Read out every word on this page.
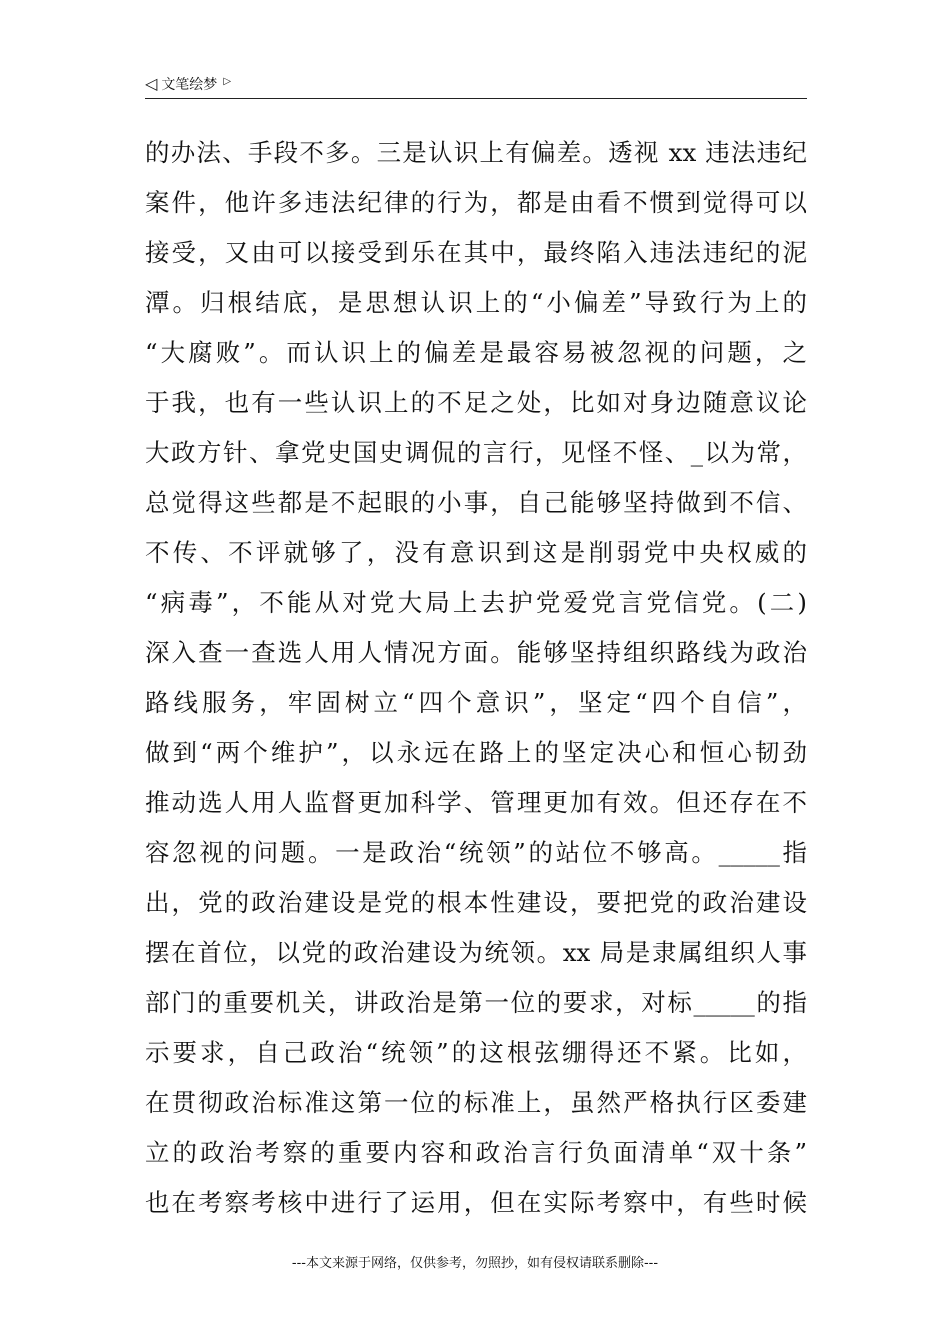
◁ 文笔绘梦 ▷
的办法、手段不多。三是认识上有偏差。透视 xx 违法违纪
案件，他许多违法纪律的行为，都是由看不惯到觉得可以
接受，又由可以接受到乐在其中，最终陷入违法违纪的泥
潭。归根结底，是思想认识上的“小偏差”导致行为上的
“大腐败”。而认识上的偏差是最容易被忽视的问题，之
于我，也有一些认识上的不足之处，比如对身边随意议论
大政方针、拿党史国史调侃的言行，见怪不怪、_以为常，
总觉得这些都是不起眼的小事，自己能够坚持做到不信、
不传、不评就够了，没有意识到这是削弱党中央权威的
“病毒”，不能从对党大局上去护党爱党言党信党。(二)
深入查一查选人用人情况方面。能够坚持组织路线为政治
路线服务，牢固树立“四个意识”，坚定“四个自信”，
做到“两个维护”，以永远在路上的坚定决心和恒心韧劲
推动选人用人监督更加科学、管理更加有效。但还存在不
容忽视的问题。一是政治“统领”的站位不够高。_____指
出，党的政治建设是党的根本性建设，要把党的政治建设
摆在首位，以党的政治建设为统领。xx 局是隶属组织人事
部门的重要机关，讲政治是第一位的要求，对标_____的指
示要求，自己政治“统领”的这根弦绷得还不紧。比如，
在贯彻政治标准这第一位的标准上，虽然严格执行区委建
立的政治考察的重要内容和政治言行负面清单“双十条”
也在考察考核中进行了运用，但在实际考察中，有些时候
---本文来源于网络，仅供参考，勿照抄，如有侵权请联系删除---
